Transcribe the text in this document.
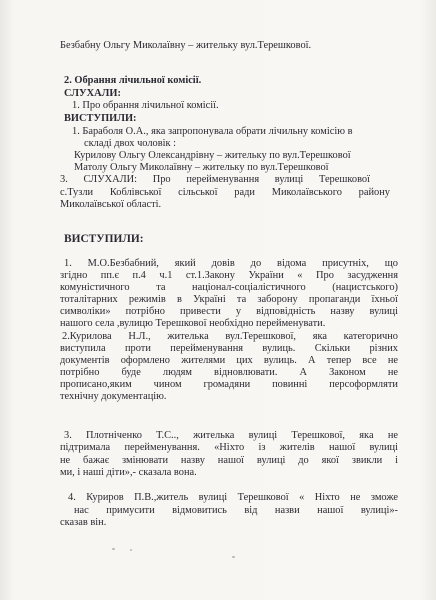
Безбабну Ольгу Миколаївну – жительку вул.Терешкової.
2. Обрання лічильної комісії.
СЛУХАЛИ:
1. Про обрання лічильної комісії.
ВИСТУПИЛИ:
1. Бараболя О.А., яка запропонувала обрати лічильну комісію в
складі двох чоловік :
Курилову Ольгу Олександрівну – жительку по вул.Терешкової
Матолу Ольгу Миколаївну – жительку по вул.Терешкової
3. СЛУХАЛИ: Про перейменування вулиці Терешкової
с.Тузли Коблівської сільської ради Миколаївського району
Миколаївської області.
ВИСТУПИЛИ:
1. М.О.Безбабний, який довів до відома присутніх, що
згідно пп.є п.4 ч.1 ст.1.Закону України « Про засудження
комуністичного та націонал-соціалістичного (нацистського)
тоталітарних режимів в Україні та заборону пропаганди їхньої
символіки» потрібно привести у відповідність назву вулиці
нашого села ,вулицю Терешкової необхідно перейменувати.
2.Курилова Н.Л., жителька вул.Терешкової, яка категорично
виступила проти перейменування вулиць. Скільки різних
документів оформлено жителями цих вулиць. А тепер все не
потрібно буде людям відновлювати. А Законом не
прописано,яким чином громадяни повинні персоформляти
технічну документацію.
3. Плотніченко Т.С.., жителька вулиці Терешкової, яка не
підтримала перейменування. «Ніхто із жителів нашої вулиці
не бажає змінювати назву нашої вулиці до якої звикли і
ми, і наші діти»,- сказала вона.
4. Куриров П.В.,житель вулиці Терешкової « Ніхто не зможе
нас примусити відмовитись від назви нашої вулиці»-
сказав він.
